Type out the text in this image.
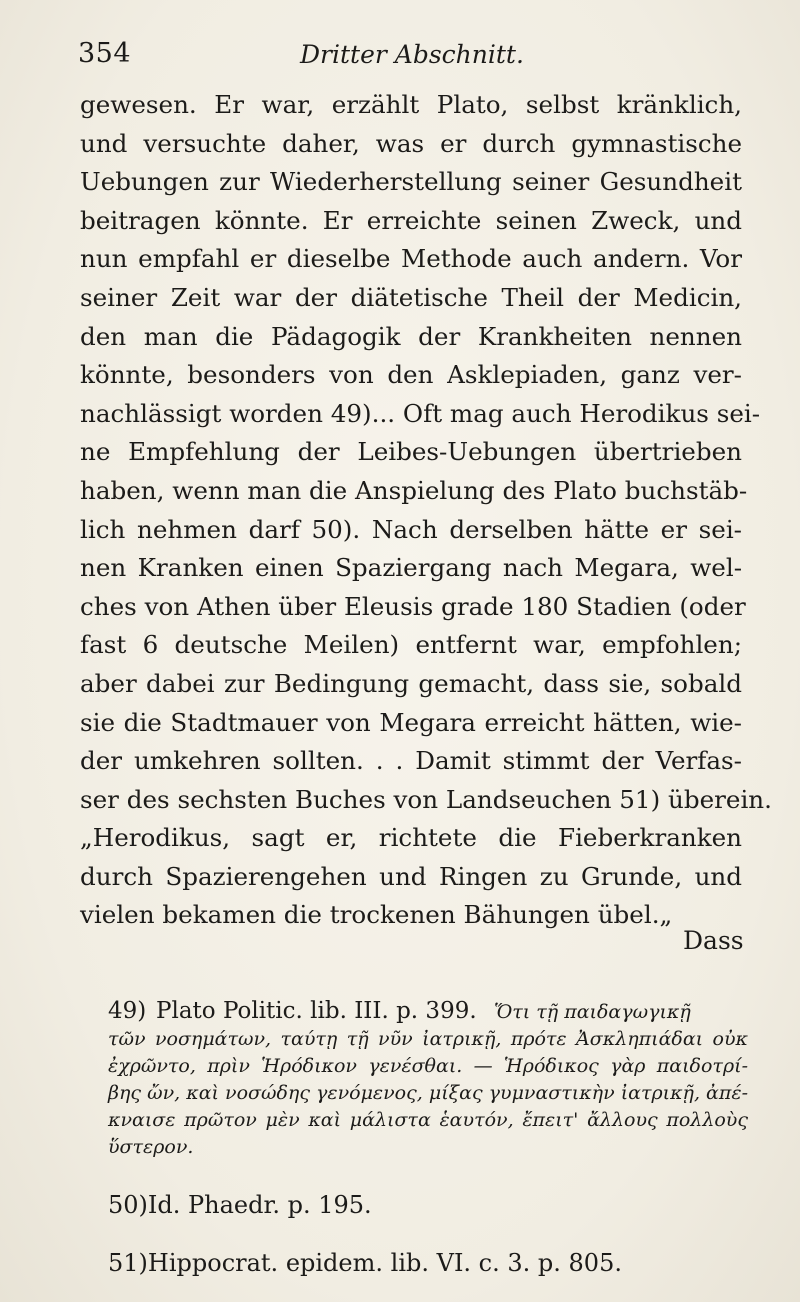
354	Dritter Abschnitt.
gewesen. Er war, erzählt Plato, selbst kränklich,
und versuchte daher, was er durch gymnastische
Uebungen zur Wiederherstellung seiner Gesundheit
beitragen könnte. Er erreichte seinen Zweck, und
nun empfahl er dieselbe Methode auch andern. Vor
seiner Zeit war der diätetische Theil der Medicin,
den man die Pädagogik der Krankheiten nennen
könnte, besonders von den Asklepiaden, ganz ver-
nachlässigt worden 49)... Oft mag auch Herodikus sei-
ne Empfehlung der Leibes-Uebungen übertrieben
haben, wenn man die Anspielung des Plato buchstäb-
lich nehmen darf 50). Nach derselben hätte er sei-
nen Kranken einen Spaziergang nach Megara, wel-
ches von Athen über Eleusis grade 180 Stadien (oder
fast 6 deutsche Meilen) entfernt war, empfohlen;
aber dabei zur Bedingung gemacht, dass sie, sobald
sie die Stadtmauer von Megara erreicht hätten, wie-
der umkehren sollten. . . Damit stimmt der Verfas-
ser des sechsten Buches von Landseuchen 51) überein.
„Herodikus, sagt er, richtete die Fieberkranken
durch Spazierengehen und Ringen zu Grunde, und
vielen bekamen die trockenen Bähungen übel.„
Dass
49) Plato Politic. lib. III. p. 399. Ὅτι τῇ παιδαγωγικῇ
τῶν νοσημάτων, ταύτῃ τῇ νῦν ἰατρικῇ, πρότε Ἀσκληπιάδαι οὐκ
ἐχρῶντο, πρὶν Ἡρόδικον γενέσθαι. — Ἡρόδικος γὰρ παιδοτρί-
βης ὤν, καὶ νοσώδης γενόμενος, μίξας γυμναστικὴν ἰατρικῇ, ἀπέ-
κναισε πρῶτον μὲν καὶ μάλιστα ἑαυτόν, ἔπειτ' ἄλλους πολλοὺς
ὕστερον.
50)Id. Phaedr. p. 195.
51)Hippocrat. epidem. lib. VI. c. 3. p. 805.
